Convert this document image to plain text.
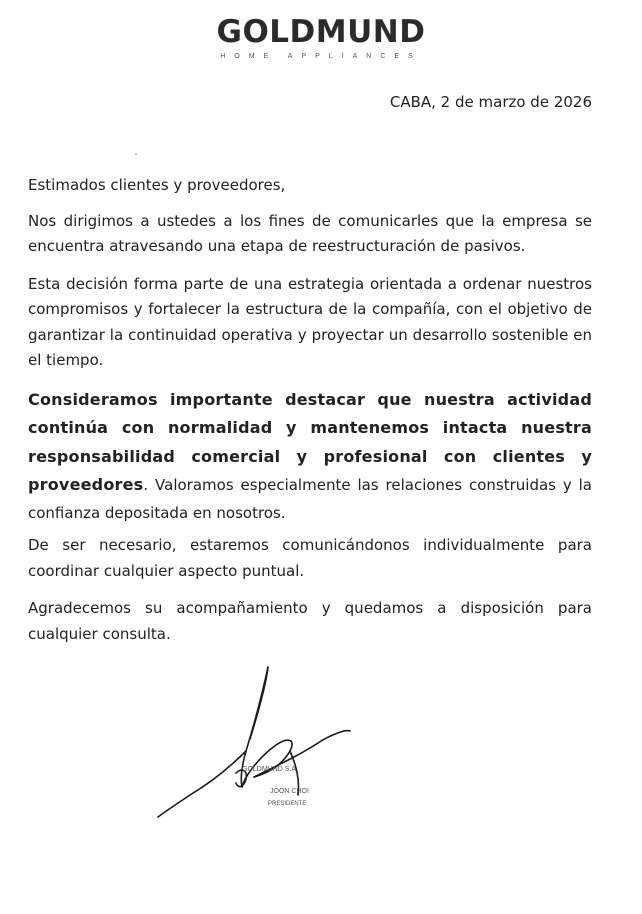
GOLDMUND
HOME APPLIANCES
CABA, 2 de marzo de 2026

Estimados clientes y proveedores,

Nos dirigimos a ustedes a los fines de comunicarles que la empresa se encuentra atravesando una etapa de reestructuración de pasivos.

Esta decisión forma parte de una estrategia orientada a ordenar nuestros compromisos y fortalecer la estructura de la compañía, con el objetivo de garantizar la continuidad operativa y proyectar un desarrollo sostenible en el tiempo.

Consideramos importante destacar que nuestra actividad continúa con normalidad y mantenemos intacta nuestra responsabilidad comercial y profesional con clientes y proveedores. Valoramos especialmente las relaciones construidas y la confianza depositada en nosotros.

De ser necesario, estaremos comunicándonos individualmente para coordinar cualquier aspecto puntual.

Agradecemos su acompañamiento y quedamos a disposición para cualquier consulta.

GOLDMUND S.A.
JOON CHOI
PRESIDENTE
